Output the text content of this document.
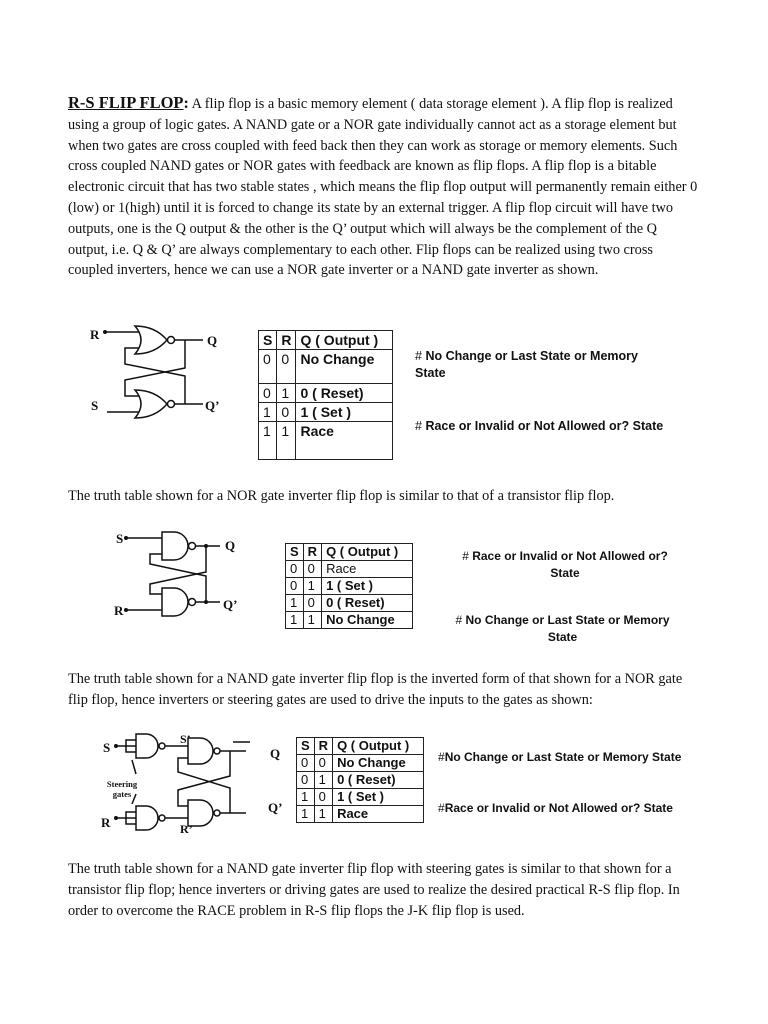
R-S FLIP FLOP: A flip flop is a basic memory element ( data storage element ). A flip flop is realized using a group of logic gates. A NAND gate or a NOR gate individually cannot act as a storage element but when two gates are cross coupled with feed back then they can work as storage or memory elements. Such cross coupled NAND gates or NOR gates with feedback are known as flip flops. A flip flop is a bitable electronic circuit that has two stable states , which means the flip flop output will permanently remain either 0 (low) or 1(high) until it is forced to change its state by an external trigger. A flip flop circuit will have two outputs, one is the Q output & the other is the Q’ output which will always be the complement of the Q output, i.e. Q & Q’ are always complementary to each other. Flip flops can be realized using two cross coupled inverters, hence we can use a NOR gate inverter or a NAND gate inverter as shown.

R
S
Q
Q’
S	R	Q ( Output )
0	0	No Change
0	1	0 ( Reset)
1	0	1 ( Set )
1	1	Race
# No Change or Last State or Memory State
# Race or Invalid or Not Allowed or? State

The truth table shown for a NOR gate inverter flip flop is similar to that of a transistor flip flop.

S
R
Q
Q’
S	R	Q ( Output )
0	0	Race
0	1	1 ( Set )
1	0	0 ( Reset)
1	1	No Change
# Race or Invalid or Not Allowed or? State
# No Change or Last State or Memory State

The truth table shown for a NAND gate inverter flip flop is the inverted form of that shown for a NOR gate flip flop, hence inverters or steering gates are used to drive the inputs to the gates as shown:

S
R
S’
R’
Q
Q’
Steering gates
S	R	Q ( Output )
0	0	No Change
0	1	0 ( Reset)
1	0	1 ( Set )
1	1	Race
#No Change or Last State or Memory State
#Race or Invalid or Not Allowed or? State

The truth table shown for a NAND gate inverter flip flop with steering gates is similar to that shown for a transistor flip flop; hence inverters or driving gates are used to realize the desired practical R-S flip flop. In order to overcome the RACE problem in R-S flip flops the J-K flip flop is used.
